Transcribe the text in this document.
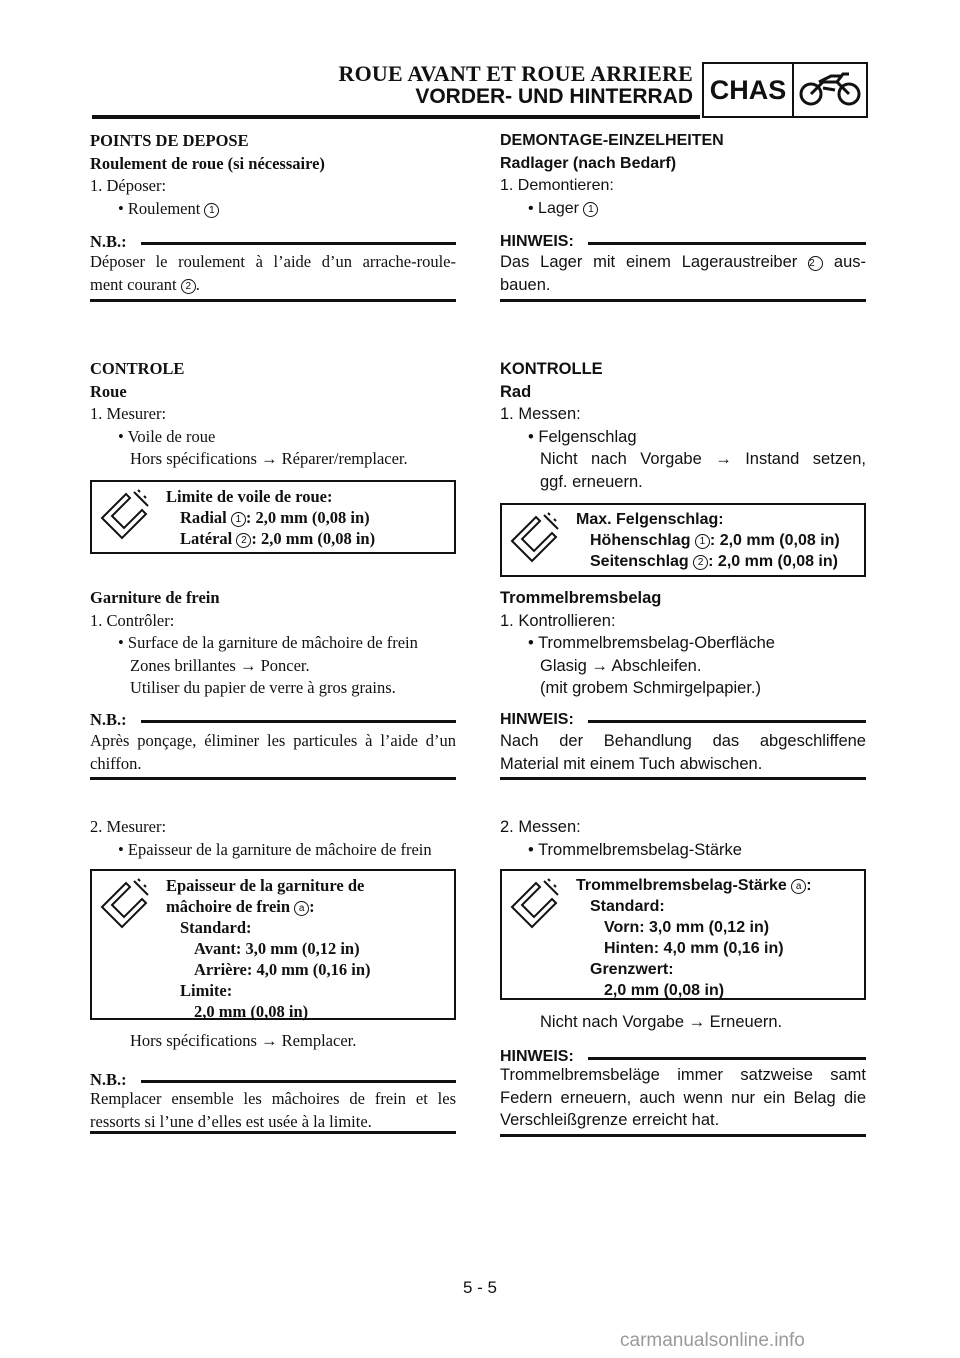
ROUE AVANT ET ROUE ARRIERE
VORDER- UND HINTERRAD CHAS

POINTS DE DEPOSE

Roulement de roue (si nécessaire)

1. Déposer:

• Roulement 1

N.B.:

Déposer le roulement à l’aide d’un arrache-roule-

ment courant 2 .

CONTROLE

Roue

1. Mesurer:

• Voile de roue

Hors spécifications → Réparer/remplacer.

Limite de voile de roue:
Radial 1 : 2,0 mm (0,08 in)
Latéral 2 : 2,0 mm (0,08 in)

Garniture de frein

1. Contrôler:

• Surface de la garniture de mâchoire de frein

Zones brillantes → Poncer.

Utiliser du papier de verre à gros grains.

N.B.:

Après ponçage, éliminer les particules à l’aide d’un

chiffon.

2. Mesurer:

• Epaisseur de la garniture de mâchoire de frein

Epaisseur de la garniture de
mâchoire de frein a :
Standard:
Avant: 3,0 mm (0,12 in)
Arrière: 4,0 mm (0,16 in)
Limite:
2,0 mm (0,08 in)

Hors spécifications → Remplacer.

N.B.:

Remplacer ensemble les mâchoires de frein et les

ressorts si l’une d’elles est usée à la limite.

DEMONTAGE-EINZELHEITEN

Radlager (nach Bedarf)

1. Demontieren:

• Lager 1

HINWEIS:

Das Lager mit einem Lageraustreiber 2 aus-

bauen.

KONTROLLE

Rad

1. Messen:

• Felgenschlag

Nicht nach Vorgabe → Instand setzen,

ggf. erneuern.

Max. Felgenschlag:
Höhenschlag 1 : 2,0 mm (0,08 in)
Seitenschlag 2 : 2,0 mm (0,08 in)

Trommelbremsbelag

1. Kontrollieren:

• Trommelbremsbelag-Oberfläche

Glasig → Abschleifen.

(mit grobem Schmirgelpapier.)

HINWEIS:

Nach der Behandlung das abgeschliffene

Material mit einem Tuch abwischen.

2. Messen:

• Trommelbremsbelag-Stärke

Trommelbremsbelag-Stärke a :
Standard:
Vorn: 3,0 mm (0,12 in)
Hinten: 4,0 mm (0,16 in)
Grenzwert:
2,0 mm (0,08 in)

Nicht nach Vorgabe → Erneuern.

HINWEIS:

Trommelbremsbeläge immer satzweise samt

Federn erneuern, auch wenn nur ein Belag die

Verschleißgrenze erreicht hat.

5 - 5
carmanualsonline.info
